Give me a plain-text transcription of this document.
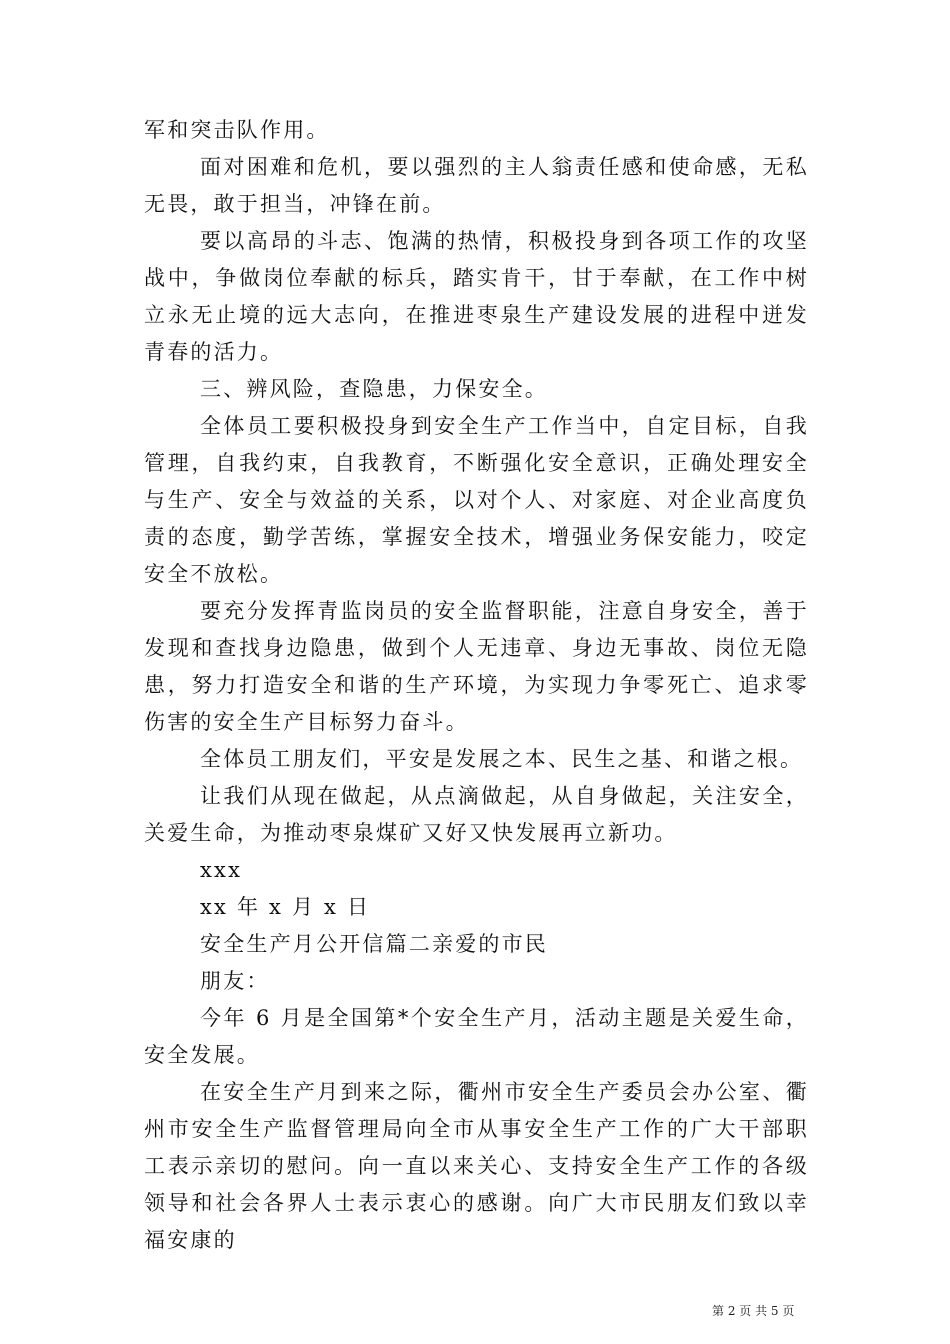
军和突击队作用。

面对困难和危机，要以强烈的主人翁责任感和使命感，无私无畏，敢于担当，冲锋在前。

要以高昂的斗志、饱满的热情，积极投身到各项工作的攻坚战中，争做岗位奉献的标兵，踏实肯干，甘于奉献，在工作中树立永无止境的远大志向，在推进枣泉生产建设发展的进程中迸发青春的活力。

三、辨风险，查隐患，力保安全。

全体员工要积极投身到安全生产工作当中，自定目标，自我管理，自我约束，自我教育，不断强化安全意识，正确处理安全与生产、安全与效益的关系，以对个人、对家庭、对企业高度负责的态度，勤学苦练，掌握安全技术，增强业务保安能力，咬定安全不放松。

要充分发挥青监岗员的安全监督职能，注意自身安全，善于发现和查找身边隐患，做到个人无违章、身边无事故、岗位无隐患，努力打造安全和谐的生产环境，为实现力争零死亡、追求零伤害的安全生产目标努力奋斗。

全体员工朋友们，平安是发展之本、民生之基、和谐之根。

让我们从现在做起，从点滴做起，从自身做起，关注安全，关爱生命，为推动枣泉煤矿又好又快发展再立新功。

xxx

xx 年 x 月 x 日

安全生产月公开信篇二亲爱的市民

朋友：

今年 6 月是全国第*个安全生产月，活动主题是关爱生命，安全发展。

在安全生产月到来之际，衢州市安全生产委员会办公室、衢州市安全生产监督管理局向全市从事安全生产工作的广大干部职工表示亲切的慰问。向一直以来关心、支持安全生产工作的各级领导和社会各界人士表示衷心的感谢。向广大市民朋友们致以幸福安康的

第 2 页 共 5 页
